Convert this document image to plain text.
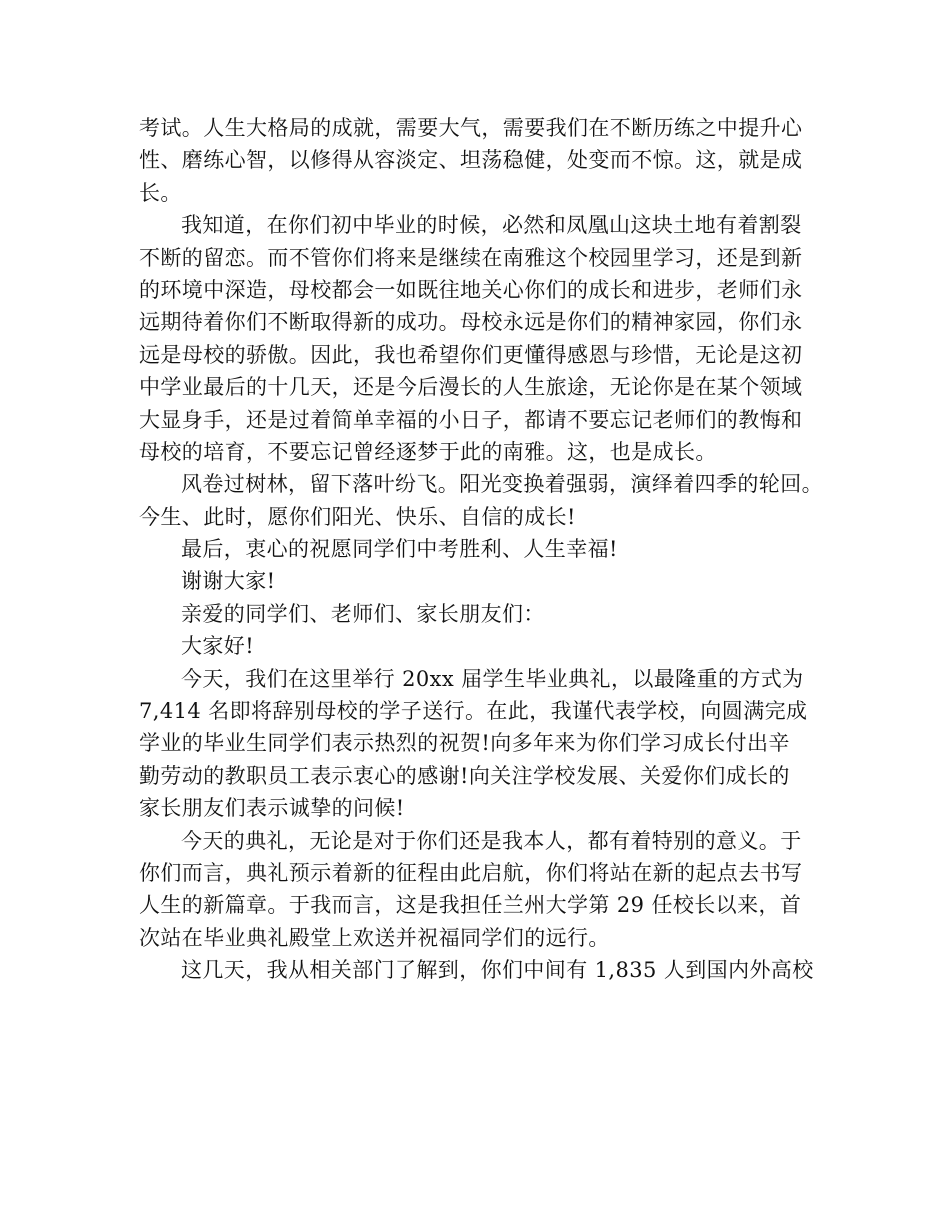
考试。人生大格局的成就，需要大气，需要我们在不断历练之中提升心
性、磨练心智，以修得从容淡定、坦荡稳健，处变而不惊。这，就是成
长。
我知道，在你们初中毕业的时候，必然和凤凰山这块土地有着割裂
不断的留恋。而不管你们将来是继续在南雅这个校园里学习，还是到新
的环境中深造，母校都会一如既往地关心你们的成长和进步，老师们永
远期待着你们不断取得新的成功。母校永远是你们的精神家园，你们永
远是母校的骄傲。因此，我也希望你们更懂得感恩与珍惜，无论是这初
中学业最后的十几天，还是今后漫长的人生旅途，无论你是在某个领域
大显身手，还是过着简单幸福的小日子，都请不要忘记老师们的教悔和
母校的培育，不要忘记曾经逐梦于此的南雅。这，也是成长。
风卷过树林，留下落叶纷飞。阳光变换着强弱，演绎着四季的轮回。
今生、此时，愿你们阳光、快乐、自信的成长!
最后，衷心的祝愿同学们中考胜利、人生幸福!
谢谢大家!
亲爱的同学们、老师们、家长朋友们：
大家好!
今天，我们在这里举行 20xx 届学生毕业典礼，以最隆重的方式为
7,414 名即将辞别母校的学子送行。在此，我谨代表学校，向圆满完成
学业的毕业生同学们表示热烈的祝贺!向多年来为你们学习成长付出辛
勤劳动的教职员工表示衷心的感谢!向关注学校发展、关爱你们成长的
家长朋友们表示诚挚的问候!
今天的典礼，无论是对于你们还是我本人，都有着特别的意义。于
你们而言，典礼预示着新的征程由此启航，你们将站在新的起点去书写
人生的新篇章。于我而言，这是我担任兰州大学第 29 任校长以来，首
次站在毕业典礼殿堂上欢送并祝福同学们的远行。
这几天，我从相关部门了解到，你们中间有 1,835 人到国内外高校
